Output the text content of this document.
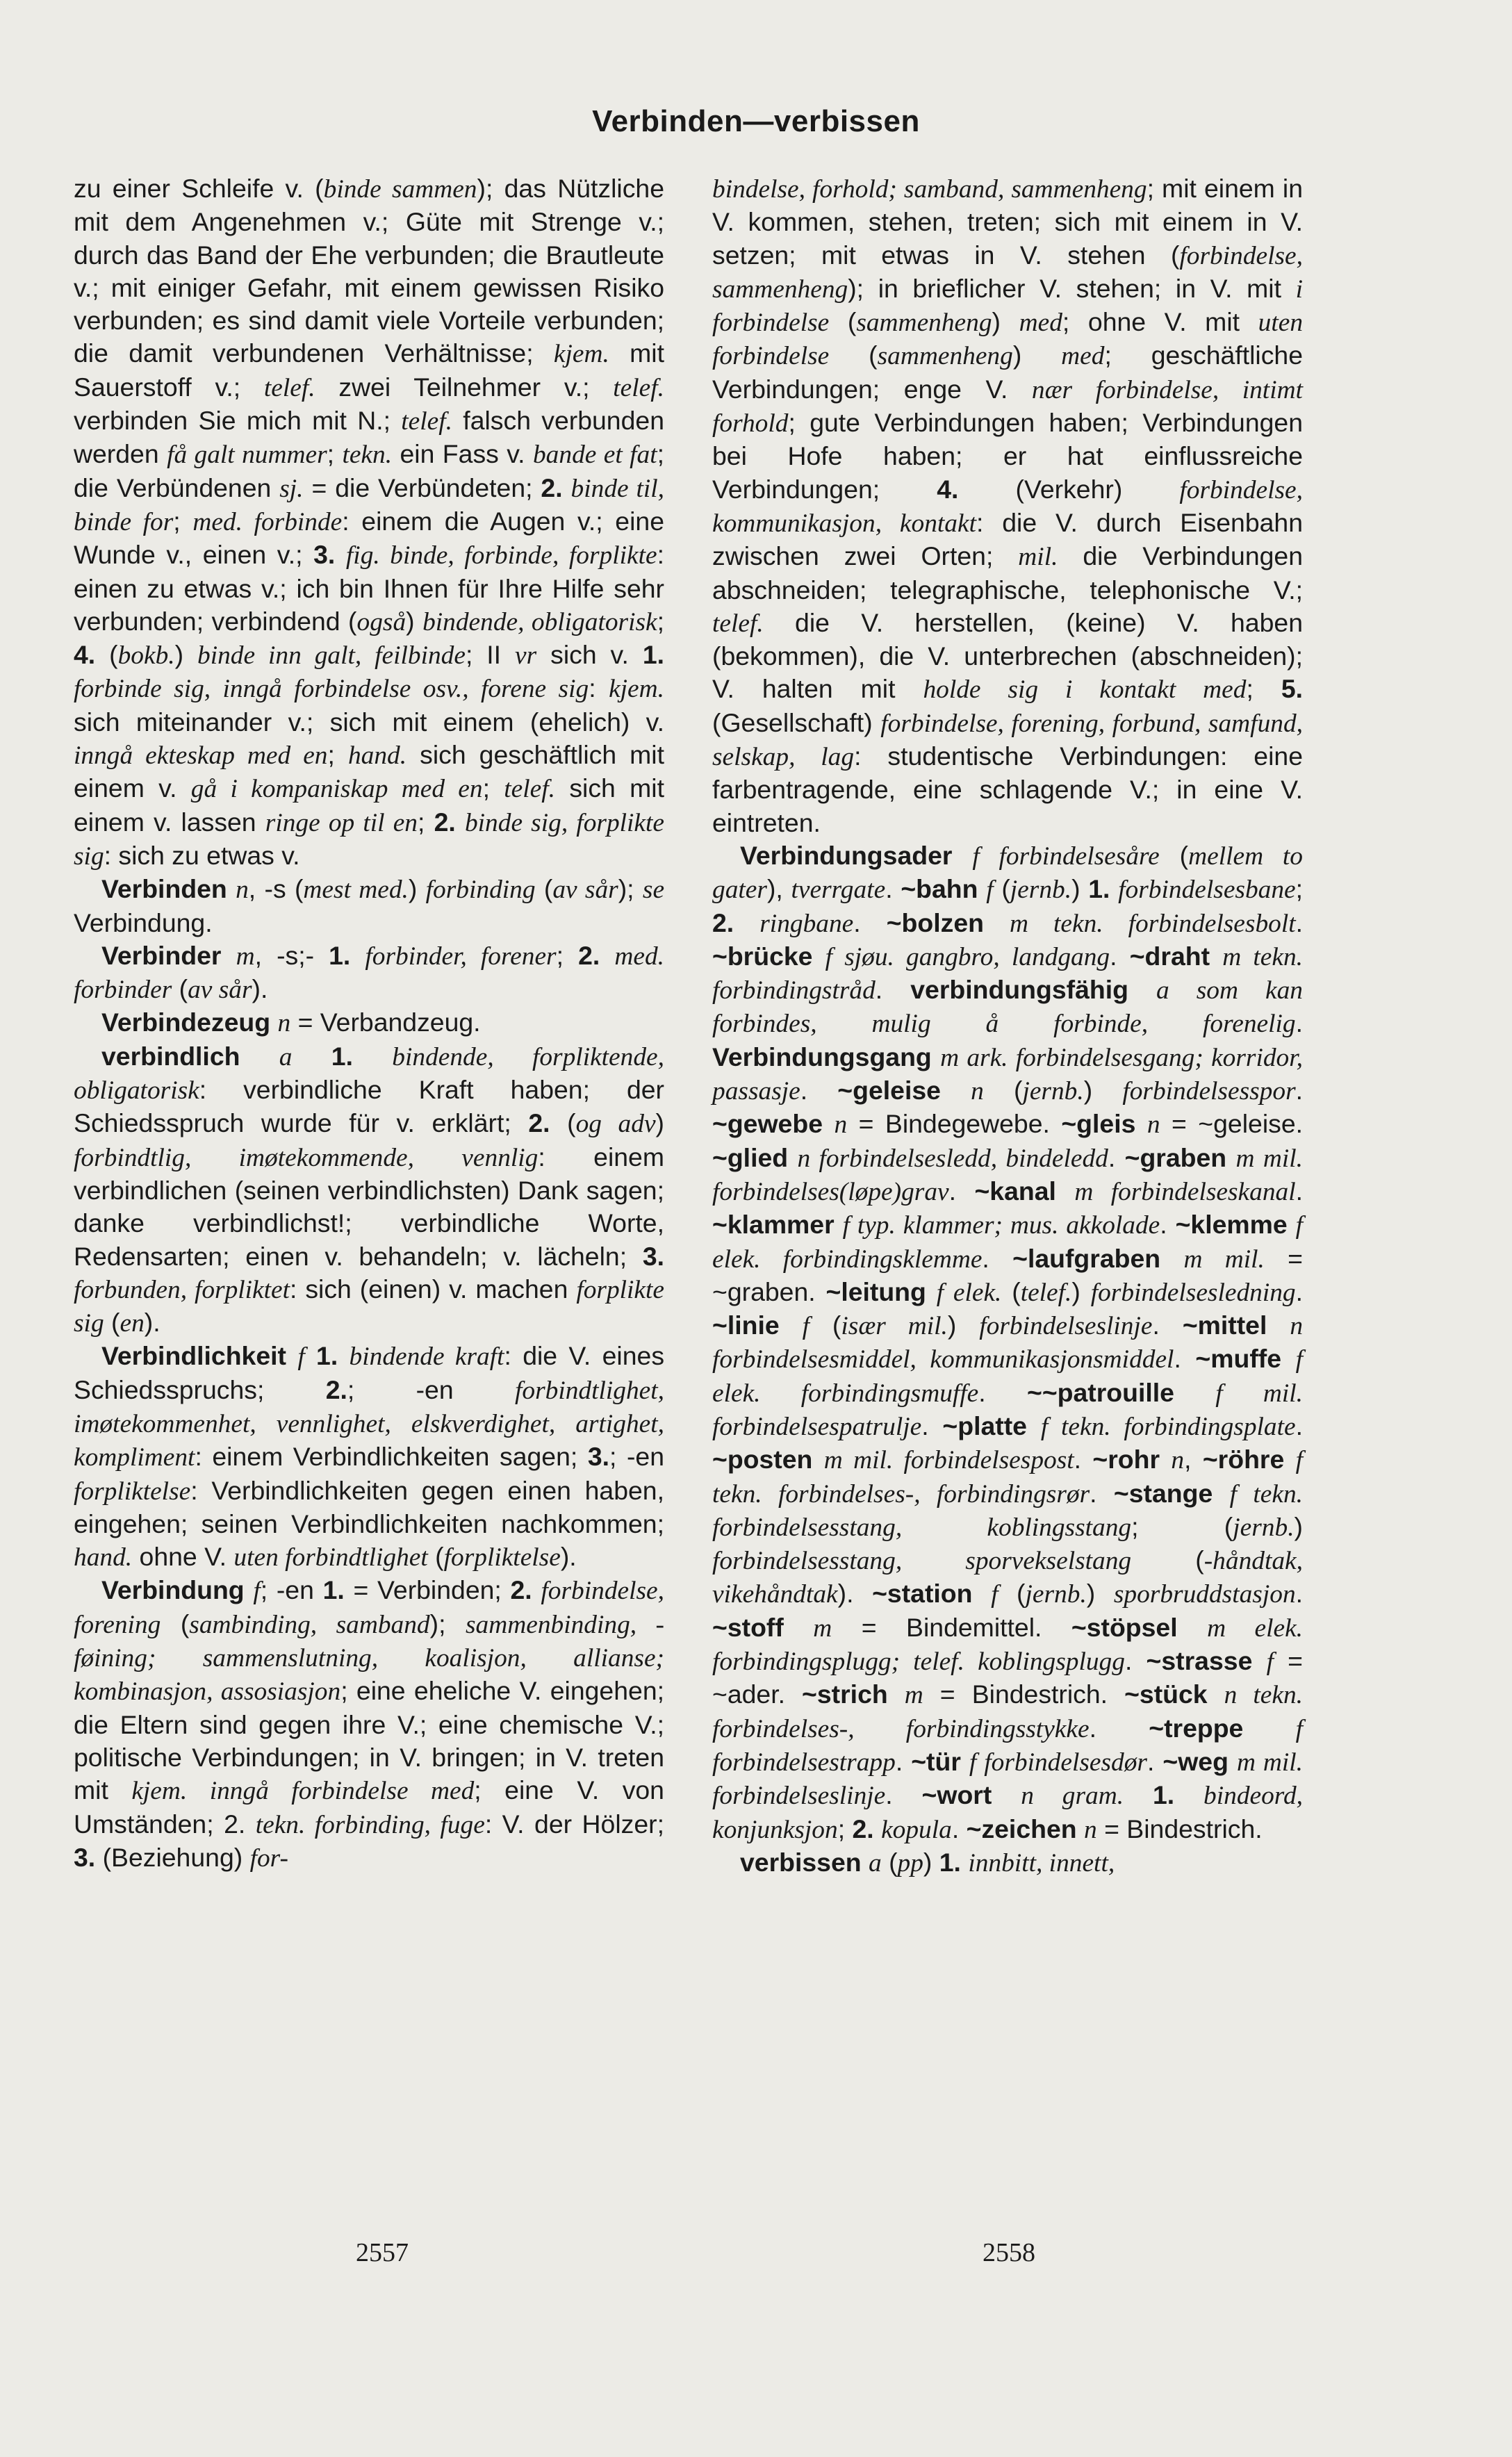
Verbinden—verbissen

zu einer Schleife v. (binde sammen); das Nützliche mit dem Angenehmen v.; Güte mit Strenge v.; durch das Band der Ehe verbunden; die Brautleute v.; mit einiger Gefahr, mit einem gewissen Risiko verbunden; es sind damit viele Vorteile verbunden; die damit verbundenen Verhältnisse; kjem. mit Sauerstoff v.; telef. zwei Teilnehmer v.; telef. verbinden Sie mich mit N.; telef. falsch verbunden werden få galt nummer; tekn. ein Fass v. bande et fat; die Verbündenen sj. = die Verbündeten; 2. binde til, binde for; med. forbinde: einem die Augen v.; eine Wunde v., einen v.; 3. fig. binde, forbinde, forplikte: einen zu etwas v.; ich bin Ihnen für Ihre Hilfe sehr verbunden; verbindend (også) bindende, obligatorisk; 4. (bokb.) binde inn galt, feilbinde; II vr sich v. 1. forbinde sig, inngå forbindelse osv., forene sig: kjem. sich miteinander v.; sich mit einem (ehelich) v. inngå ekteskap med en; hand. sich geschäftlich mit einem v. gå i kompaniskap med en; telef. sich mit einem v. lassen ringe op til en; 2. binde sig, forplikte sig: sich zu etwas v.

Verbinden n, -s (mest med.) forbinding (av sår); se Verbindung.

Verbinder m, -s;- 1. forbinder, forener; 2. med. forbinder (av sår).

Verbindezeug n = Verbandzeug.

verbindlich a 1. bindende, forpliktende, obligatorisk: verbindliche Kraft haben; der Schiedsspruch wurde für v. erklärt; 2. (og adv) forbindtlig, imøtekommende, vennlig: einem verbindlichen (seinen verbindlichsten) Dank sagen; danke verbindlichst!; verbindliche Worte, Redensarten; einen v. behandeln; v. lächeln; 3. forbunden, forpliktet: sich (einen) v. machen forplikte sig (en).

Verbindlichkeit f 1. bindende kraft: die V. eines Schiedsspruchs; 2.; -en forbindtlighet, imøtekommenhet, vennlighet, elskverdighet, artighet, kompliment: einem Verbindlichkeiten sagen; 3.; -en forpliktelse: Verbindlichkeiten gegen einen haben, eingehen; seinen Verbindlichkeiten nachkommen; hand. ohne V. uten forbindtlighet (forpliktelse).

Verbindung f; -en 1. = Verbinden; 2. forbindelse, forening (sambinding, samband); sammenbinding, -føining; sammenslutning, koalisjon, allianse; kombinasjon, assosiasjon; eine eheliche V. eingehen; die Eltern sind gegen ihre V.; eine chemische V.; politische Verbindungen; in V. bringen; in V. treten mit kjem. inngå forbindelse med; eine V. von Umständen; 2. tekn. forbinding, fuge: V. der Hölzer; 3. (Beziehung) for-

bindelse, forhold; samband, sammenheng; mit einem in V. kommen, stehen, treten; sich mit einem in V. setzen; mit etwas in V. stehen (forbindelse, sammenheng); in brieflicher V. stehen; in V. mit i forbindelse (sammenheng) med; ohne V. mit uten forbindelse (sammenheng) med; geschäftliche Verbindungen; enge V. nær forbindelse, intimt forhold; gute Verbindungen haben; Verbindungen bei Hofe haben; er hat einflussreiche Verbindungen; 4. (Verkehr) forbindelse, kommunikasjon, kontakt: die V. durch Eisenbahn zwischen zwei Orten; mil. die Verbindungen abschneiden; telegraphische, telephonische V.; telef. die V. herstellen, (keine) V. haben (bekommen), die V. unterbrechen (abschneiden); V. halten mit holde sig i kontakt med; 5. (Gesellschaft) forbindelse, forening, forbund, samfund, selskap, lag: studentische Verbindungen: eine farbentragende, eine schlagende V.; in eine V. eintreten.

Verbindungsader f forbindelsesåre (mellem to gater), tverrgate. ~bahn f (jernb.) 1. forbindelsesbane; 2. ringbane. ~bolzen m tekn. forbindelsesbolt. ~brücke f sjøu. gangbro, landgang. ~draht m tekn. forbindingstråd. verbindungsfähig a som kan forbindes, mulig å forbinde, forenelig. Verbindungsgang m ark. forbindelsesgang; korridor, passasje. ~geleise n (jernb.) forbindelsesspor. ~gewebe n = Bindegewebe. ~gleis n = ~geleise. ~glied n forbindelsesledd, bindeledd. ~graben m mil. forbindelses(løpe)grav. ~kanal m forbindelseskanal. ~klammer f typ. klammer; mus. akkolade. ~klemme f elek. forbindingsklemme. ~laufgraben m mil. = ~graben. ~leitung f elek. (telef.) forbindelsesledning. ~linie f (især mil.) forbindelseslinje. ~mittel n forbindelsesmiddel, kommunikasjonsmiddel. ~muffe f elek. forbindingsmuffe. ~~patrouille f mil. forbindelsespatrulje. ~platte f tekn. forbindingsplate. ~posten m mil. forbindelsespost. ~rohr n, ~röhre f tekn. forbindelses-, forbindingsrør. ~stange f tekn. forbindelsesstang, koblingsstang; (jernb.) forbindelsesstang, sporvekselstang (-håndtak, vikehåndtak). ~station f (jernb.) sporbruddstasjon. ~stoff m = Bindemittel. ~stöpsel m elek. forbindingsplugg; telef. koblingsplugg. ~strasse f = ~ader. ~strich m = Bindestrich. ~stück n tekn. forbindelses-, forbindingsstykke. ~treppe f forbindelsestrapp. ~tür f forbindelsesdør. ~weg m mil. forbindelseslinje. ~wort n gram. 1. bindeord, konjunksjon; 2. kopula. ~zeichen n = Bindestrich.

verbissen a (pp) 1. innbitt, innett,

2557	2558
